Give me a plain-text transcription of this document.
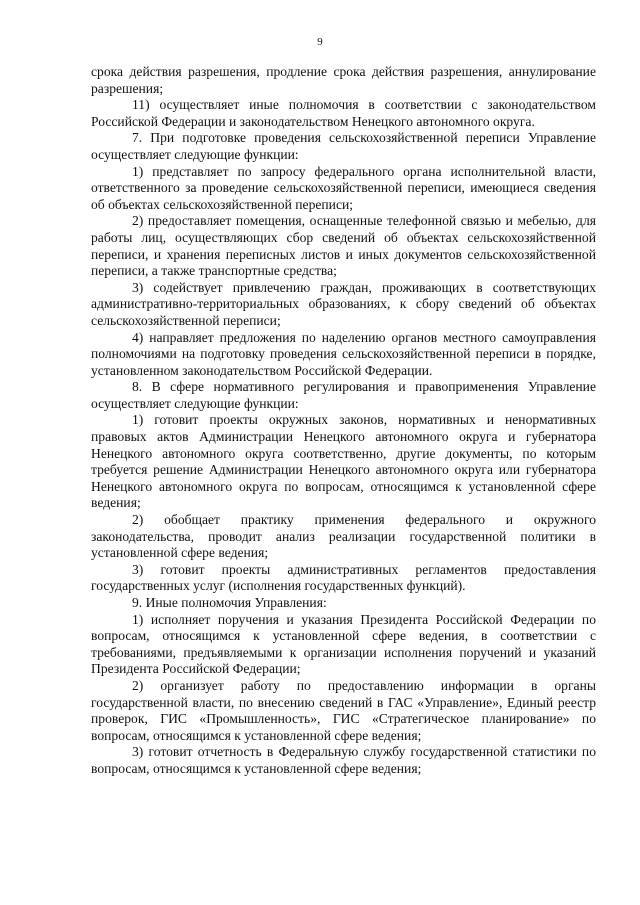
9

срока действия разрешения, продление срока действия разрешения, аннулирование разрешения;

11) осуществляет иные полномочия в соответствии с законодательством Российской Федерации и законодательством Ненецкого автономного округа.

7. При подготовке проведения сельскохозяйственной переписи Управление осуществляет следующие функции:

1) представляет по запросу федерального органа исполнительной власти, ответственного за проведение сельскохозяйственной переписи, имеющиеся сведения об объектах сельскохозяйственной переписи;

2) предоставляет помещения, оснащенные телефонной связью и мебелью, для работы лиц, осуществляющих сбор сведений об объектах сельскохозяйственной переписи, и хранения переписных листов и иных документов сельскохозяйственной переписи, а также транспортные средства;

3) содействует привлечению граждан, проживающих в соответствующих административно-территориальных образованиях, к сбору сведений об объектах сельскохозяйственной переписи;

4) направляет предложения по наделению органов местного самоуправления полномочиями на подготовку проведения сельскохозяйственной переписи в порядке, установленном законодательством Российской Федерации.

8. В сфере нормативного регулирования и правоприменения Управление осуществляет следующие функции:

1) готовит проекты окружных законов, нормативных и ненормативных правовых актов Администрации Ненецкого автономного округа и губернатора Ненецкого автономного округа соответственно, другие документы, по которым требуется решение Администрации Ненецкого автономного округа или губернатора Ненецкого автономного округа по вопросам, относящимся к установленной сфере ведения;

2) обобщает практику применения федерального и окружного законодательства, проводит анализ реализации государственной политики в установленной сфере ведения;

3) готовит проекты административных регламентов предоставления государственных услуг (исполнения государственных функций).

9. Иные полномочия Управления:

1) исполняет поручения и указания Президента Российской Федерации по вопросам, относящимся к установленной сфере ведения, в соответствии с требованиями, предъявляемыми к организации исполнения поручений и указаний Президента Российской Федерации;

2) организует работу по предоставлению информации в органы государственной власти, по внесению сведений в ГАС «Управление», Единый реестр проверок, ГИС «Промышленность», ГИС «Стратегическое планирование» по вопросам, относящимся к установленной сфере ведения;

3) готовит отчетность в Федеральную службу государственной статистики по вопросам, относящимся к установленной сфере ведения;
